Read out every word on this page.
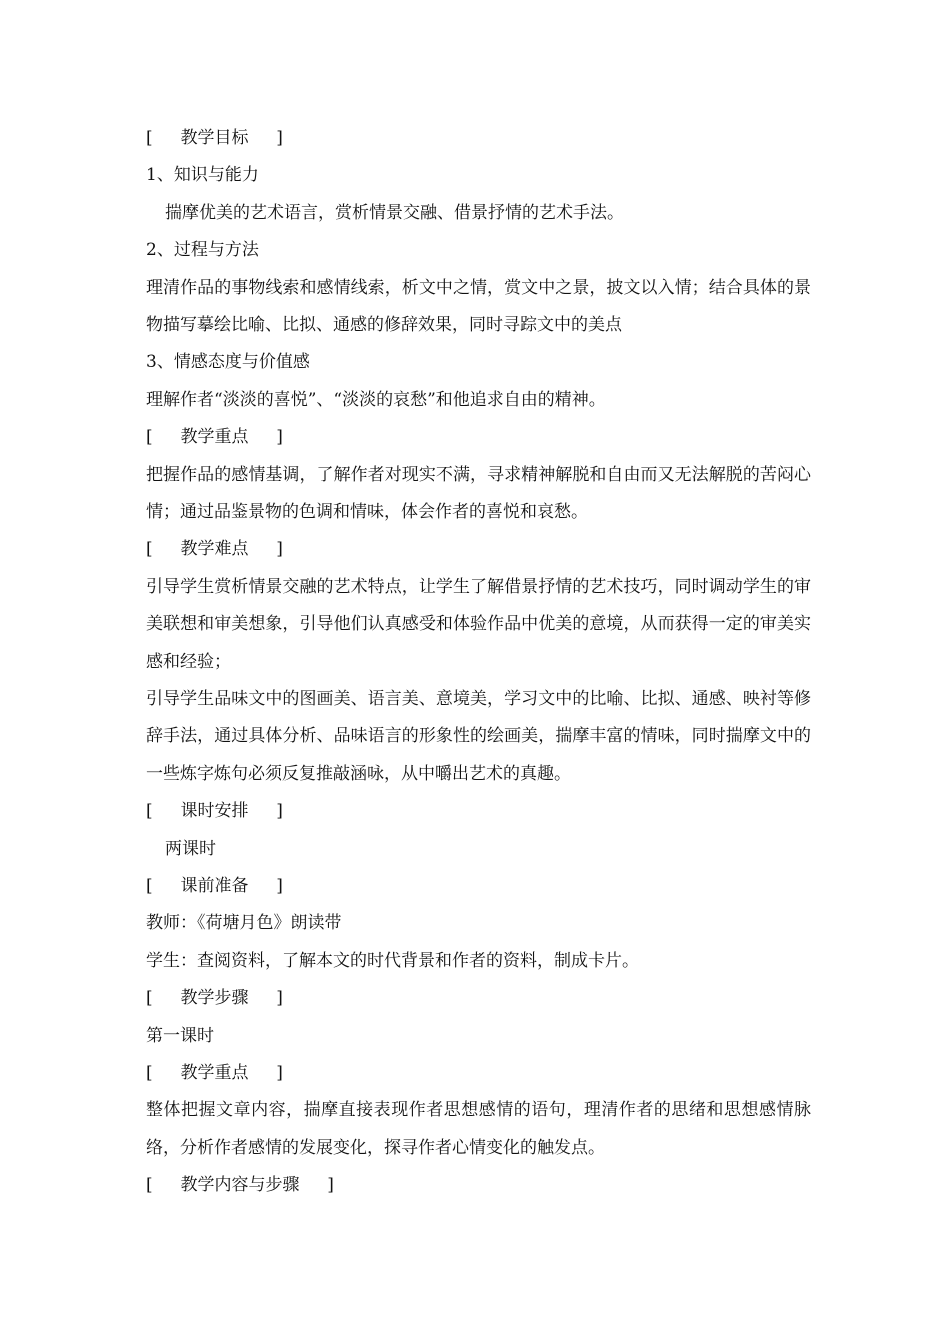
[　  教学目标  　]
1、知识与能力
揣摩优美的艺术语言，赏析情景交融、借景抒情的艺术手法。
2、过程与方法
理清作品的事物线索和感情线索，析文中之情，赏文中之景，披文以入情；结合具体的景物描写摹绘比喻、比拟、通感的修辞效果，同时寻踪文中的美点
3、情感态度与价值感
理解作者“淡淡的喜悦”、“淡淡的哀愁”和他追求自由的精神。
[　  教学重点  　]
把握作品的感情基调，了解作者对现实不满，寻求精神解脱和自由而又无法解脱的苦闷心情；通过品鉴景物的色调和情味，体会作者的喜悦和哀愁。
[　  教学难点  　]
引导学生赏析情景交融的艺术特点，让学生了解借景抒情的艺术技巧，同时调动学生的审美联想和审美想象，引导他们认真感受和体验作品中优美的意境，从而获得一定的审美实感和经验；
引导学生品味文中的图画美、语言美、意境美，学习文中的比喻、比拟、通感、映衬等修辞手法，通过具体分析、品味语言的形象性的绘画美，揣摩丰富的情味，同时揣摩文中的一些炼字炼句必须反复推敲涵咏，从中嚼出艺术的真趣。
[　  课时安排  　]
两课时
[　  课前准备  　]
教师：《荷塘月色》朗读带
学生：查阅资料，了解本文的时代背景和作者的资料，制成卡片。
[　  教学步骤  　]
第一课时
[　  教学重点  　]
整体把握文章内容，揣摩直接表现作者思想感情的语句，理清作者的思绪和思想感情脉络，分析作者感情的发展变化，探寻作者心情变化的触发点。
[　  教学内容与步骤  　]
